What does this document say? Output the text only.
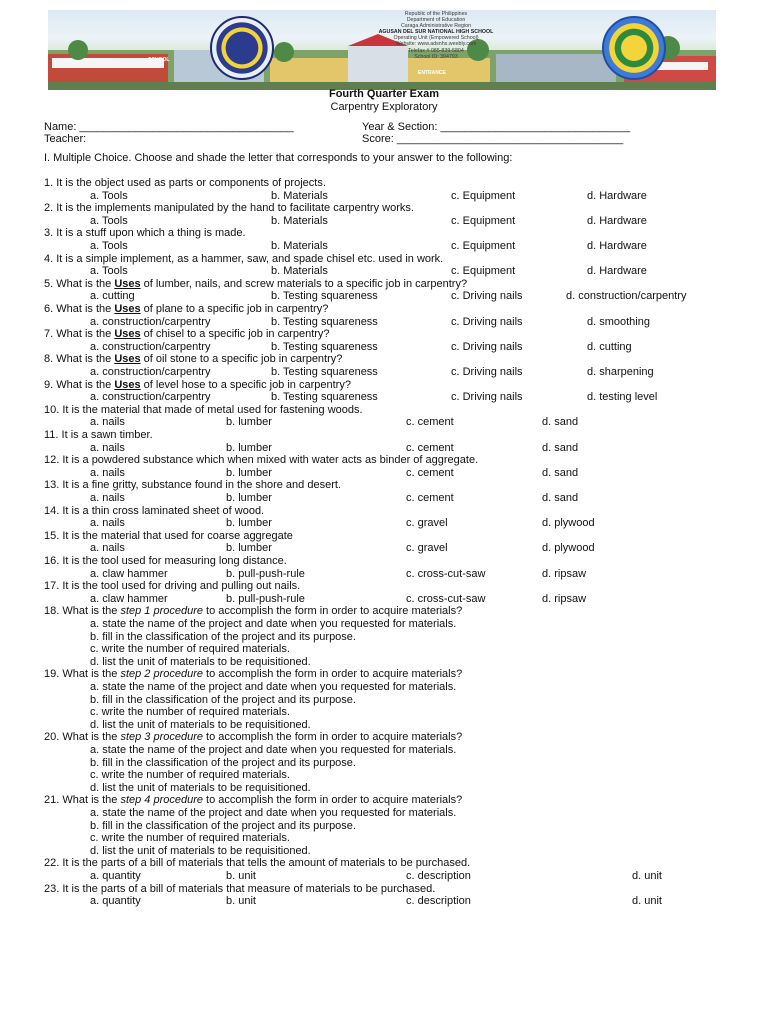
Republic of the Philippines
Department of Education
Caraga Administrative Region
AGUSAN DEL SUR NATIONAL HIGH SCHOOL
Operating Unit (Empowered School)
Website: www.adsnhs.weebly.com
Telefax # 085-839-5804
School ID: 304793
SCHOOL
ENTRANCE
Fourth Quarter Exam
Carpentry Exploratory
Name: ___________________________________	Year & Section: _______________________________
Teacher:	Score: _____________________________________
I. Multiple Choice. Choose and shade the letter that corresponds to your answer to the following:
1. It is the object used as parts or components of projects.
a. Tools	b. Materials	c. Equipment	d. Hardware
2. It is the implements manipulated by the hand to facilitate carpentry works.
a. Tools	b. Materials	c. Equipment	d. Hardware
3. It is a stuff upon which a thing is made.
a. Tools	b. Materials	c. Equipment	d. Hardware
4. It is a simple implement, as a hammer, saw, and spade chisel etc. used in work.
a. Tools	b. Materials	c. Equipment	d. Hardware
5. What is the Uses of lumber, nails, and screw materials to a specific job in carpentry?
a. cutting	b. Testing squareness	c. Driving nails	d. construction/carpentry
6. What is the Uses of plane to a specific job in carpentry?
a. construction/carpentry	b. Testing squareness	c. Driving nails	d. smoothing
7. What is the Uses of chisel to a specific job in carpentry?
a. construction/carpentry	b. Testing squareness	c. Driving nails	d. cutting
8. What is the Uses of oil stone to a specific job in carpentry?
a. construction/carpentry	b. Testing squareness	c. Driving nails	d. sharpening
9. What is the Uses of level hose to a specific job in carpentry?
a. construction/carpentry	b. Testing squareness	c. Driving nails	d. testing level
10. It is the material that made of metal used for fastening woods.
a. nails	b. lumber	c. cement	d. sand
11. It is a sawn timber.
a. nails	b. lumber	c. cement	d. sand
12. It is a powdered substance which when mixed with water acts as binder of aggregate.
a. nails	b. lumber	c. cement	d. sand
13. It is a fine gritty, substance found in the shore and desert.
a. nails	b. lumber	c. cement	d. sand
14. It is a thin cross laminated sheet of wood.
a. nails	b. lumber	c. gravel	d. plywood
15. It is the material that used for coarse aggregate
a. nails	b. lumber	c. gravel	d. plywood
16. It is the tool used for measuring long distance.
a. claw hammer	b. pull-push-rule	c. cross-cut-saw	d. ripsaw
17. It is the tool used for driving and pulling out nails.
a. claw hammer	b. pull-push-rule	c. cross-cut-saw	d. ripsaw
18. What is the step 1 procedure to accomplish the form in order to acquire materials?
a. state the name of the project and date when you requested for materials.
b. fill in the classification of the project and its purpose.
c. write the number of required materials.
d. list the unit of materials to be requisitioned.
19. What is the step 2 procedure to accomplish the form in order to acquire materials?
a. state the name of the project and date when you requested for materials.
b. fill in the classification of the project and its purpose.
c. write the number of required materials.
d. list the unit of materials to be requisitioned.
20. What is the step 3 procedure to accomplish the form in order to acquire materials?
a. state the name of the project and date when you requested for materials.
b. fill in the classification of the project and its purpose.
c. write the number of required materials.
d. list the unit of materials to be requisitioned.
21. What is the step 4 procedure to accomplish the form in order to acquire materials?
a. state the name of the project and date when you requested for materials.
b. fill in the classification of the project and its purpose.
c. write the number of required materials.
d. list the unit of materials to be requisitioned.
22. It is the parts of a bill of materials that tells the amount of materials to be purchased.
a. quantity	b. unit	c. description	d. unit
23. It is the parts of a bill of materials that measure of materials to be purchased.
a. quantity	b. unit	c. description	d. unit
